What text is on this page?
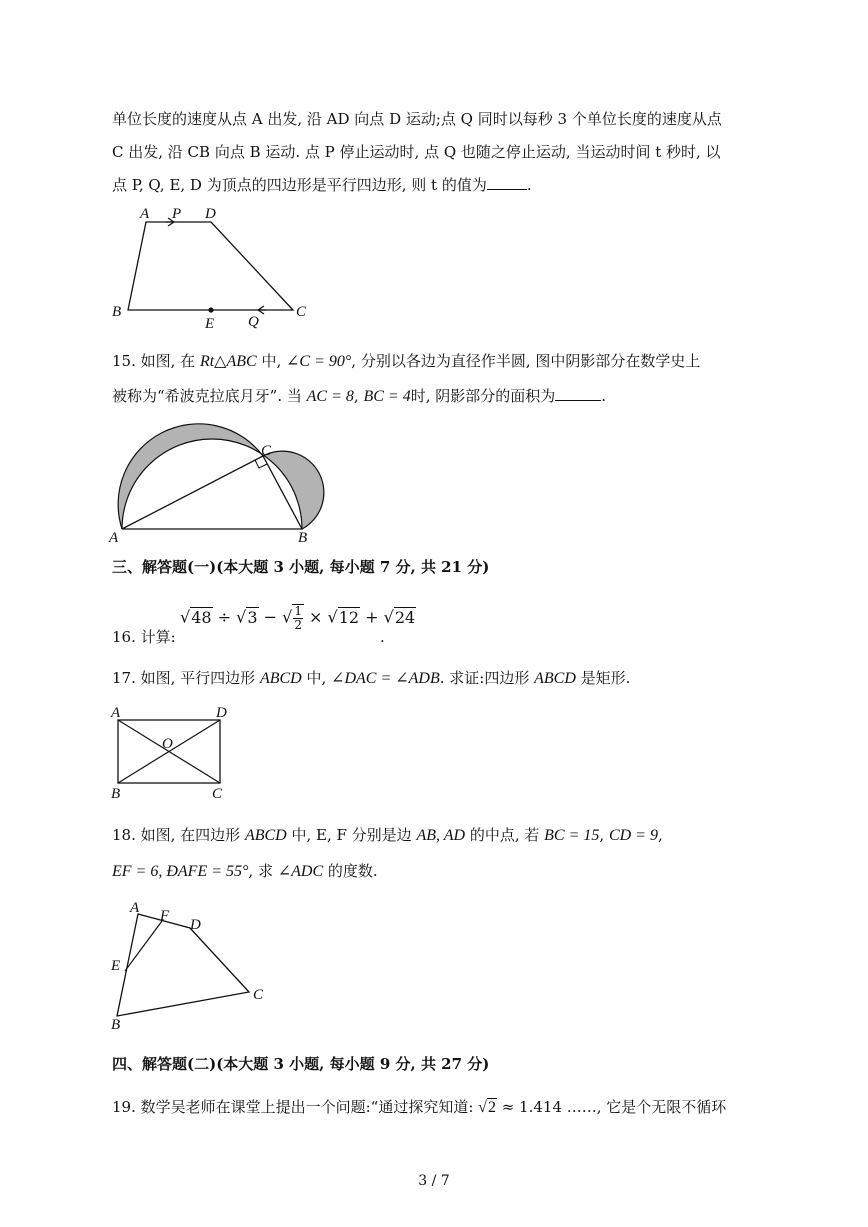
单位长度的速度从点 A 出发, 沿 AD 向点 D 运动;点 Q 同时以每秒 3 个单位长度的速度从点
C 出发, 沿 CB 向点 B 运动. 点 P 停止运动时, 点 Q 也随之停止运动, 当运动时间 t 秒时, 以
点 P, Q, E, D 为顶点的四边形是平行四边形, 则 t 的值为	.
A P D
B
E Q
C
15. 如图, 在 Rt△ABC 中, ∠C = 90°, 分别以各边为直径作半圆, 图中阴影部分在数学史上
被称为“希波克拉底月牙”. 当 AC = 8, BC = 4时, 阴影部分的面积为	.
A
C
B
三、解答题(一)(本大题 3 小题, 每小题 7 分, 共 21 分)
16. 计算:
√48 ÷ √3 − √ $\frac{1}{2} \times √12 + √24$
.
17. 如图, 平行四边形 ABCD 中, ∠DAC = ∠ADB. 求证:四边形 ABCD 是矩形.
A	D
O
B	C
18. 如图, 在四边形 ABCD 中, E, F 分别是边 AB, AD 的中点, 若 BC = 15, CD = 9,
EF = 6, ÐAFE = 55°, 求 ∠ADC 的度数.
A F
D
E
C
B
四、解答题(二)(本大题 3 小题, 每小题 9 分, 共 27 分)
19. 数学吴老师在课堂上提出一个问题:“通过探究知道: √2 ≈ 1.414 ……, 它是个无限不循环
3 / 7
